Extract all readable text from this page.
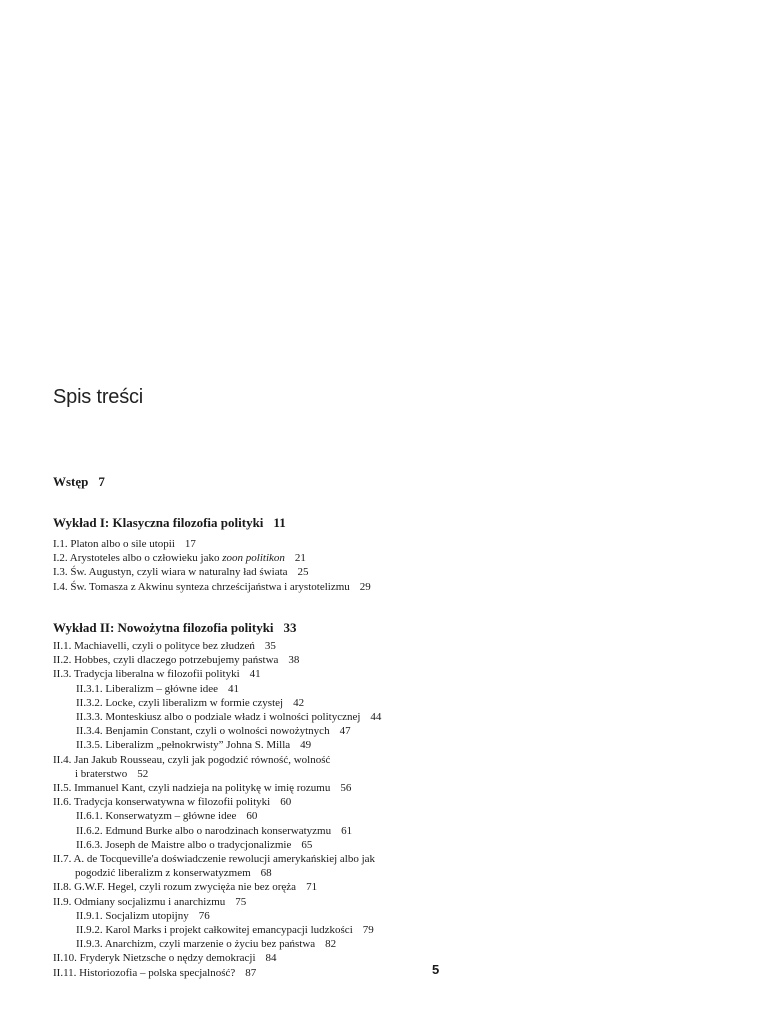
Spis treści
Wstęp 7
Wykład I: Klasyczna filozofia polityki 11
I.1. Platon albo o sile utopii 17
I.2. Arystoteles albo o człowieku jako zoon politikon 21
I.3. Św. Augustyn, czyli wiara w naturalny ład świata 25
I.4. Św. Tomasza z Akwinu synteza chrześcijaństwa i arystotelizmu 29
Wykład II: Nowożytna filozofia polityki 33
II.1. Machiavelli, czyli o polityce bez złudzeń 35
II.2. Hobbes, czyli dlaczego potrzebujemy państwa 38
II.3. Tradycja liberalna w filozofii polityki 41
II.3.1. Liberalizm – główne idee 41
II.3.2. Locke, czyli liberalizm w formie czystej 42
II.3.3. Monteskiusz albo o podziale władz i wolności politycznej 44
II.3.4. Benjamin Constant, czyli o wolności nowożytnych 47
II.3.5. Liberalizm „pełnokrwisty” Johna S. Milla 49
II.4. Jan Jakub Rousseau, czyli jak pogodzić równość, wolność
i braterstwo 52
II.5. Immanuel Kant, czyli nadzieja na politykę w imię rozumu 56
II.6. Tradycja konserwatywna w filozofii polityki 60
II.6.1. Konserwatyzm – główne idee 60
II.6.2. Edmund Burke albo o narodzinach konserwatyzmu 61
II.6.3. Joseph de Maistre albo o tradycjonalizmie 65
II.7. A. de Tocqueville'a doświadczenie rewolucji amerykańskiej albo jak
pogodzić liberalizm z konserwatyzmem 68
II.8. G.W.F. Hegel, czyli rozum zwycięża nie bez oręża 71
II.9. Odmiany socjalizmu i anarchizmu 75
II.9.1. Socjalizm utopijny 76
II.9.2. Karol Marks i projekt całkowitej emancypacji ludzkości 79
II.9.3. Anarchizm, czyli marzenie o życiu bez państwa 82
II.10. Fryderyk Nietzsche o nędzy demokracji 84
II.11. Historiozofia – polska specjalność? 87	5
